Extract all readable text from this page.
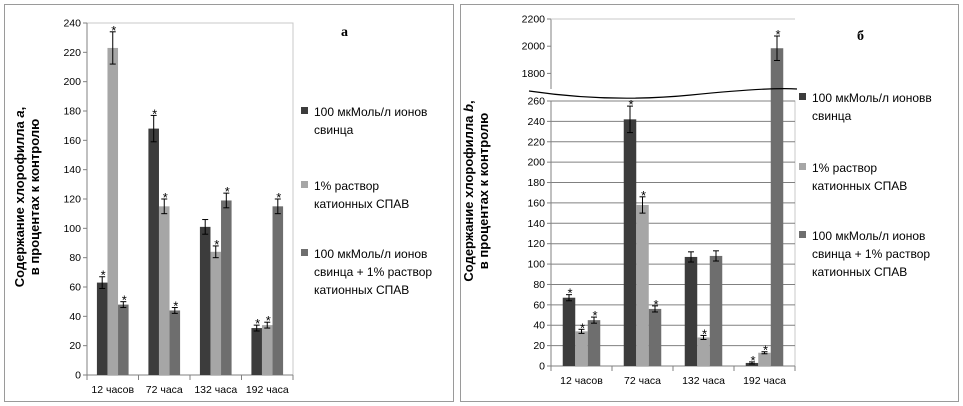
0
20
40
60
80
100
120
140
160
180
200
220
240
12 часов 72 часа 132 часа 192 часа
*
*
*
*
*
*
*
*	*
*	*
Содержание хлорофилла a,
в процентах к контролю
а
100 мкМоль/л ионов
свинца
1% раствор
катионных СПАВ
100 мкМоль/л ионов
свинца + 1% раствор
катионных СПАВ
1800
2000
2200
0
20
40
60
80
100
120
140
160
180
200
220
240
260
12 часов 72 часа 132 часа 192 часа
*
*
*
*
*
*
*
*
*
*
Содержание хлорофилла b,
в процентах к контролю
б
100 мкМоль/л ионовв
свинца
1% раствор
катионных СПАВ
100 мкМоль/л ионов
свинца + 1% раствор
катионных СПАВ
